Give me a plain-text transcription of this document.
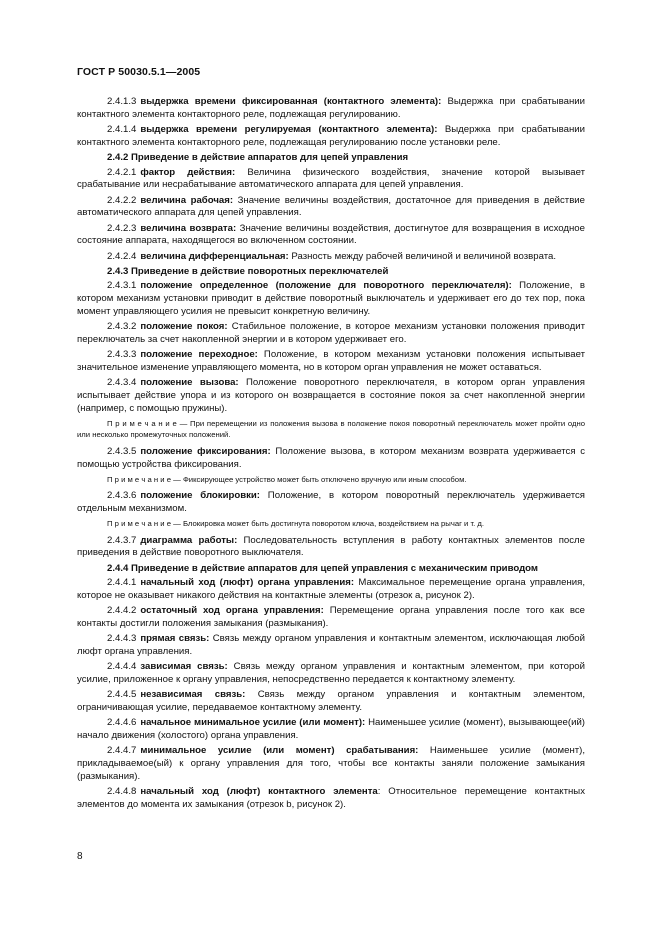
ГОСТ Р 50030.5.1—2005

2.4.1.3 выдержка времени фиксированная (контактного элемента): Выдержка при срабатывании контактного элемента контакторного реле, подлежащая регулированию.

2.4.1.4 выдержка времени регулируемая (контактного элемента): Выдержка при срабатывании контактного элемента контакторного реле, подлежащая регулированию после установки реле.

2.4.2 Приведение в действие аппаратов для цепей управления

2.4.2.1 фактор действия: Величина физического воздействия, значение которой вызывает срабатывание или несрабатывание автоматического аппарата для цепей управления.

2.4.2.2 величина рабочая: Значение величины воздействия, достаточное для приведения в действие автоматического аппарата для цепей управления.

2.4.2.3 величина возврата: Значение величины воздействия, достигнутое для возвращения в исходное состояние аппарата, находящегося во включенном состоянии.

2.4.2.4 величина дифференциальная: Разность между рабочей величиной и величиной возврата.

2.4.3 Приведение в действие поворотных переключателей

2.4.3.1 положение определенное (положение для поворотного переключателя): Положение, в котором механизм установки приводит в действие поворотный выключатель и удерживает его до тех пор, пока момент управляющего усилия не превысит конкретную величину.

2.4.3.2 положение покоя: Стабильное положение, в которое механизм установки положения приводит переключатель за счет накопленной энергии и в котором удерживает его.

2.4.3.3 положение переходное: Положение, в котором механизм установки положения испытывает значительное изменение управляющего момента, но в котором орган управления не может оставаться.

2.4.3.4 положение вызова: Положение поворотного переключателя, в котором орган управления испытывает действие упора и из которого он возвращается в состояние покоя за счет накопленной энергии (например, с помощью пружины).

П р и м е ч а н и е — При перемещении из положения вызова в положение покоя поворотный переключатель может пройти одно или несколько промежуточных положений.

2.4.3.5 положение фиксирования: Положение вызова, в котором механизм возврата удерживается с помощью устройства фиксирования.

П р и м е ч а н и е — Фиксирующее устройство может быть отключено вручную или иным способом.

2.4.3.6 положение блокировки: Положение, в котором поворотный переключатель удерживается отдельным механизмом.

П р и м е ч а н и е — Блокировка может быть достигнута поворотом ключа, воздействием на рычаг и т. д.

2.4.3.7 диаграмма работы: Последовательность вступления в работу контактных элементов после приведения в действие поворотного выключателя.

2.4.4 Приведение в действие аппаратов для цепей управления с механическим приводом

2.4.4.1 начальный ход (люфт) органа управления: Максимальное перемещение органа управления, которое не оказывает никакого действия на контактные элементы (отрезок a, рисунок 2).

2.4.4.2 остаточный ход органа управления: Перемещение органа управления после того как все контакты достигли положения замыкания (размыкания).

2.4.4.3 прямая связь: Связь между органом управления и контактным элементом, исключающая любой люфт органа управления.

2.4.4.4 зависимая связь: Связь между органом управления и контактным элементом, при которой усилие, приложенное к органу управления, непосредственно передается к контактному элементу.

2.4.4.5 независимая связь: Связь между органом управления и контактным элементом, ограничивающая усилие, передаваемое контактному элементу.

2.4.4.6 начальное минимальное усилие (или момент): Наименьшее усилие (момент), вызывающее(ий) начало движения (холостого) органа управления.

2.4.4.7 минимальное усилие (или момент) срабатывания: Наименьшее усилие (момент), прикладываемое(ый) к органу управления для того, чтобы все контакты заняли положение замыкания (размыкания).

2.4.4.8 начальный ход (люфт) контактного элемента: Относительное перемещение контактных элементов до момента их замыкания (отрезок b, рисунок 2).

8
